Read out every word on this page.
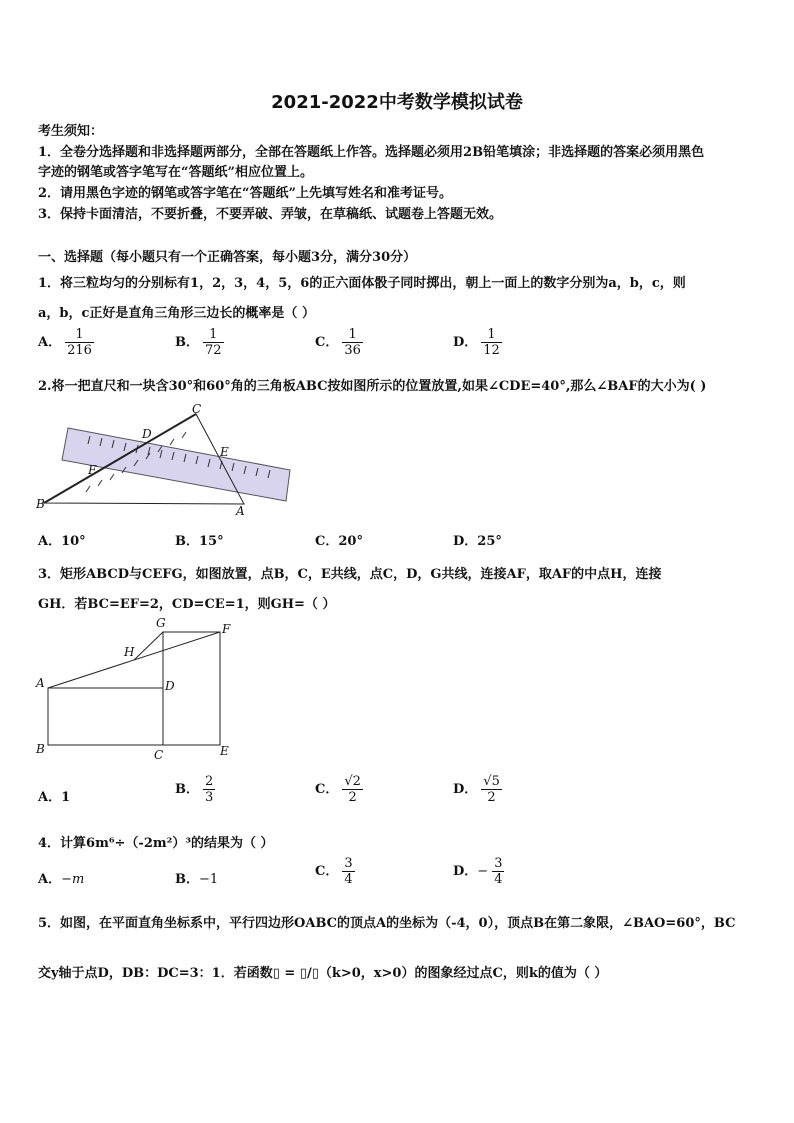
2021-2022中考数学模拟试卷
考生须知：
1．全卷分选择题和非选择题两部分，全部在答题纸上作答。选择题必须用2B铅笔填涂；非选择题的答案必须用黑色
字迹的钢笔或答字笔写在“答题纸”相应位置上。
2．请用黑色字迹的钢笔或答字笔在“答题纸”上先填写姓名和准考证号。
3．保持卡面清洁，不要折叠，不要弄破、弄皱，在草稿纸、试题卷上答题无效。
一、选择题（每小题只有一个正确答案，每小题3分，满分30分）
1．将三粒均匀的分别标有1，2，3，4，5，6的正六面体骰子同时掷出，朝上一面上的数字分别为a，b，c，则
a，b，c正好是直角三角形三边长的概率是（ ）
A． $\frac{1}{216}$	B． $\frac{1}{72}$	C． $\frac{1}{36}$	D． $\frac{1}{12}$
2.将一把直尺和一块含30°和60°角的三角板ABC按如图所示的位置放置,如果∠CDE=40°,那么∠BAF的大小为( )
C
D
E
F
B	A
A．10°	B．15°	C．20°	D．25°
3．矩形ABCD与CEFG，如图放置，点B，C，E共线，点C，D，G共线，连接AF，取AF的中点H，连接
GH．若BC=EF=2，CD=CE=1，则GH=（ ）
G	F
H
A	D
B	C	E
A．1
B． $\frac{2}{3}$	C． $\frac{√2}{2}$	D． $\frac{√5}{2}$
4．计算6m⁶÷（-2m²）³的结果为（ ）
A．−m	B．−1
C． $\frac{3}{4}$	D．− $\frac{3}{4}$
5．如图，在平面直角坐标系中，平行四边形OABC的顶点A的坐标为（-4，0），顶点B在第二象限，∠BAO=60°，BC
交y轴于点D，DB：DC=3：1．若函数▯ = ▯/▯（k>0，x>0）的图象经过点C，则k的值为（ ）
